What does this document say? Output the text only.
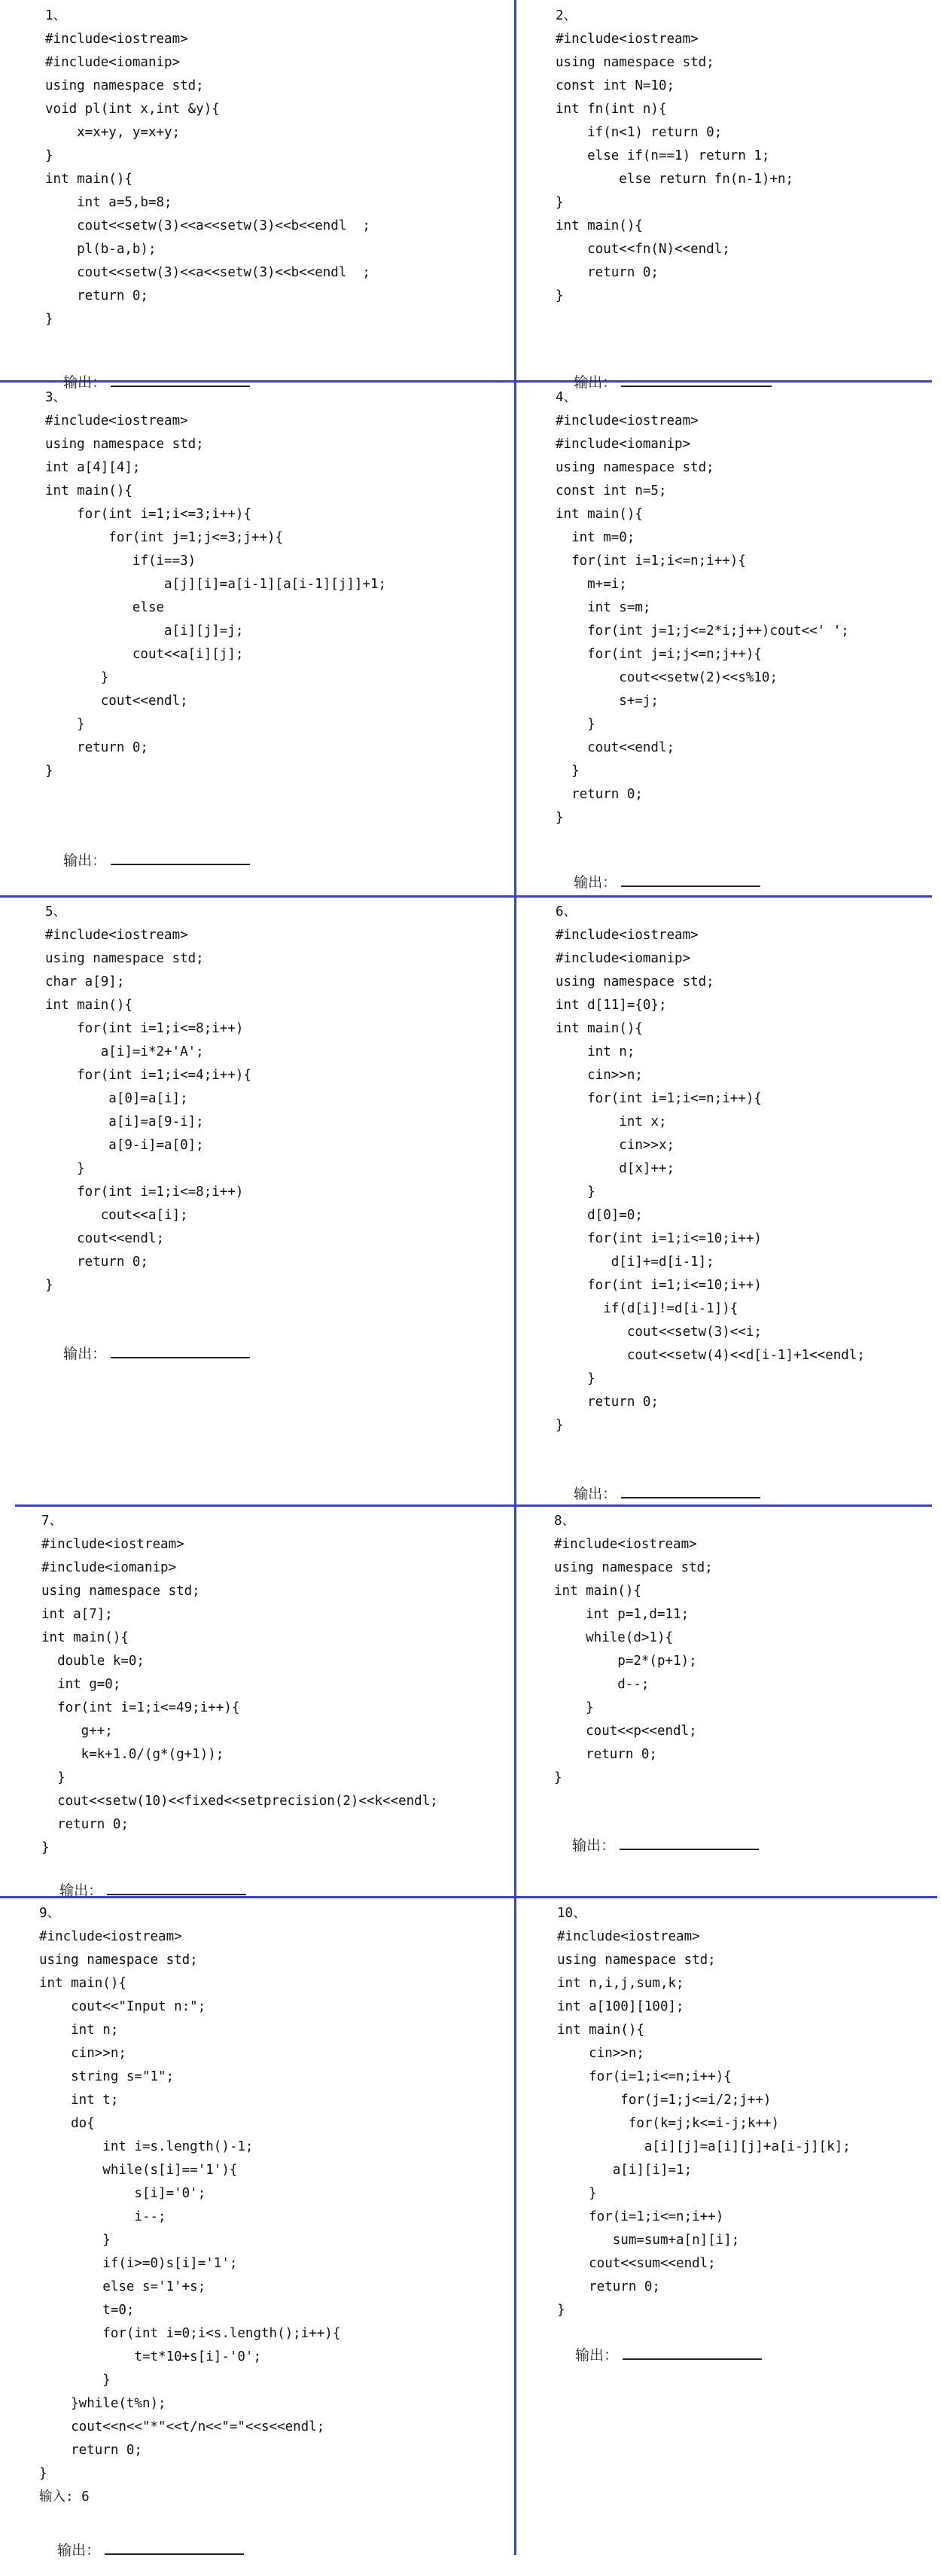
1、
#include<iostream>
#include<iomanip>
using namespace std;
void pl(int x,int &y){
x=x+y, y=x+y;
}
int main(){
int a=5,b=8;
cout<<setw(3)<<a<<setw(3)<<b<<endl  ;
pl(b-a,b);
cout<<setw(3)<<a<<setw(3)<<b<<endl  ;
return 0;
}

输出：

2、
#include<iostream>
using namespace std;
const int N=10;
int fn(int n){
if(n<1) return 0;
else if(n==1) return 1;
else return fn(n-1)+n;
}
int main(){
cout<<fn(N)<<endl;
return 0;
}

输出：

3、
#include<iostream>
using namespace std;
int a[4][4];
int main(){
for(int i=1;i<=3;i++){
for(int j=1;j<=3;j++){
if(i==3)
a[j][i]=a[i-1][a[i-1][j]]+1;
else
a[i][j]=j;
cout<<a[i][j];
}
cout<<endl;
}
return 0;
}

输出：

4、
#include<iostream>
#include<iomanip>
using namespace std;
const int n=5;
int main(){
int m=0;
for(int i=1;i<=n;i++){
m+=i;
int s=m;
for(int j=1;j<=2*i;j++)cout<<' ';
for(int j=i;j<=n;j++){
cout<<setw(2)<<s%10;
s+=j;
}
cout<<endl;
}
return 0;
}

输出：

5、
#include<iostream>
using namespace std;
char a[9];
int main(){
for(int i=1;i<=8;i++)
a[i]=i*2+'A';
for(int i=1;i<=4;i++){
a[0]=a[i];
a[i]=a[9-i];
a[9-i]=a[0];
}
for(int i=1;i<=8;i++)
cout<<a[i];
cout<<endl;
return 0;
}

输出：

6、
#include<iostream>
#include<iomanip>
using namespace std;
int d[11]={0};
int main(){
int n;
cin>>n;
for(int i=1;i<=n;i++){
int x;
cin>>x;
d[x]++;
}
d[0]=0;
for(int i=1;i<=10;i++)
d[i]+=d[i-1];
for(int i=1;i<=10;i++)
if(d[i]!=d[i-1]){
cout<<setw(3)<<i;
cout<<setw(4)<<d[i-1]+1<<endl;
}
return 0;
}

输出：

7、
#include<iostream>
#include<iomanip>
using namespace std;
int a[7];
int main(){
double k=0;
int g=0;
for(int i=1;i<=49;i++){
g++;
k=k+1.0/(g*(g+1));
}
cout<<setw(10)<<fixed<<setprecision(2)<<k<<endl;
return 0;
}

输出：

8、
#include<iostream>
using namespace std;
int main(){
int p=1,d=11;
while(d>1){
p=2*(p+1);
d--;
}
cout<<p<<endl;
return 0;
}

输出：

9、
#include<iostream>
using namespace std;
int main(){
cout<<"Input n:";
int n;
cin>>n;
string s="1";
int t;
do{
int i=s.length()-1;
while(s[i]=='1'){
s[i]='0';
i--;
}
if(i>=0)s[i]='1';
else s='1'+s;
t=0;
for(int i=0;i<s.length();i++){
t=t*10+s[i]-'0';
}
}while(t%n);
cout<<n<<"*"<<t/n<<"="<<s<<endl;
return 0;
}
输入: 6

输出：

10、
#include<iostream>
using namespace std;
int n,i,j,sum,k;
int a[100][100];
int main(){
cin>>n;
for(i=1;i<=n;i++){
for(j=1;j<=i/2;j++)
for(k=j;k<=i-j;k++)
a[i][j]=a[i][j]+a[i-j][k];
a[i][i]=1;
}
for(i=1;i<=n;i++)
sum=sum+a[n][i];
cout<<sum<<endl;
return 0;
}

输出：
